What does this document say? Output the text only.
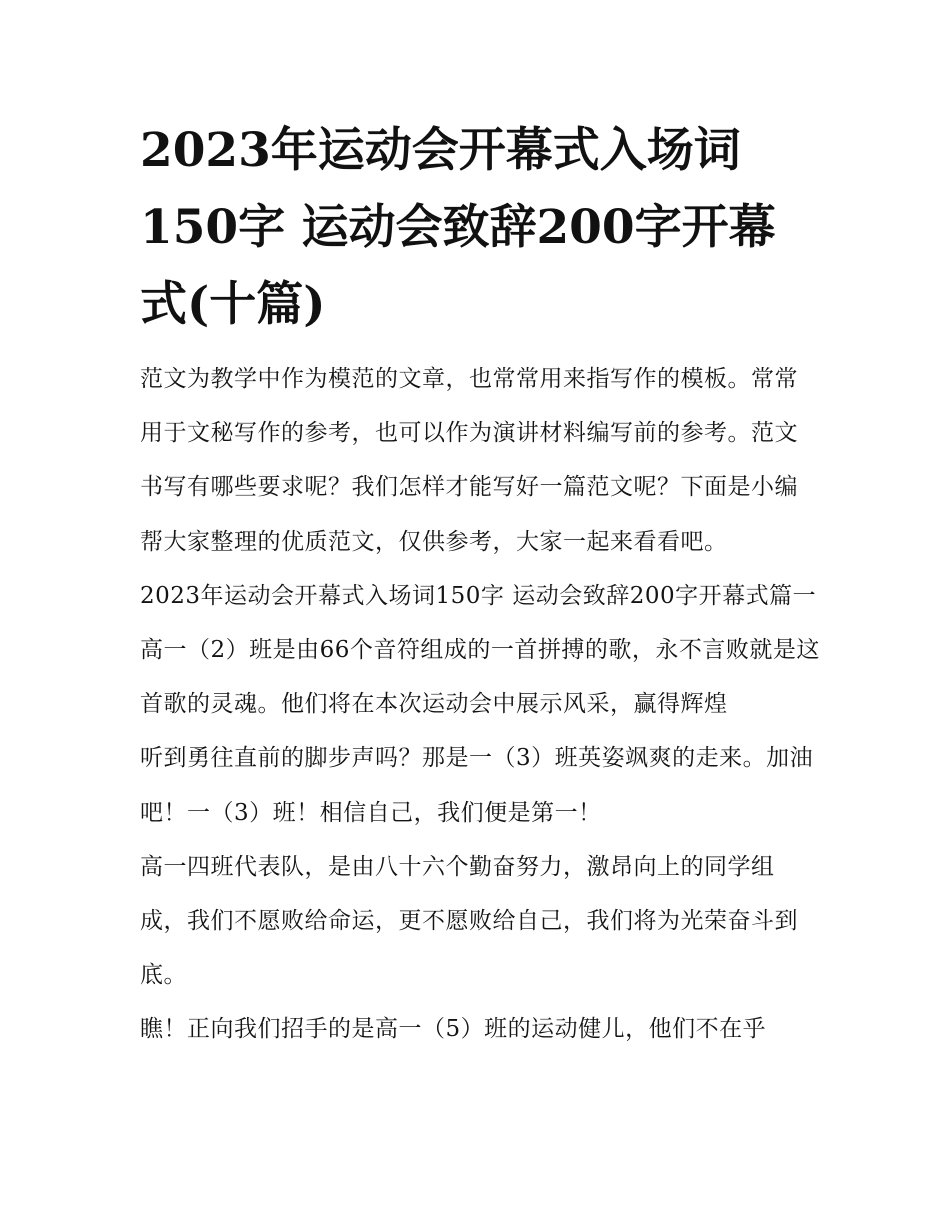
2023年运动会开幕式入场词150字 运动会致辞200字开幕式(十篇)

范文为教学中作为模范的文章，也常常用来指写作的模板。常常用于文秘写作的参考，也可以作为演讲材料编写前的参考。范文书写有哪些要求呢？我们怎样才能写好一篇范文呢？下面是小编帮大家整理的优质范文，仅供参考，大家一起来看看吧。

2023年运动会开幕式入场词150字 运动会致辞200字开幕式篇一

高一（2）班是由66个音符组成的一首拼搏的歌，永不言败就是这首歌的灵魂。他们将在本次运动会中展示风采，赢得辉煌

听到勇往直前的脚步声吗？那是一（3）班英姿飒爽的走来。加油吧！一（3）班！相信自己，我们便是第一！

高一四班代表队，是由八十六个勤奋努力，激昂向上的同学组成，我们不愿败给命运，更不愿败给自己，我们将为光荣奋斗到底。

瞧！正向我们招手的是高一（5）班的运动健儿，他们不在乎
